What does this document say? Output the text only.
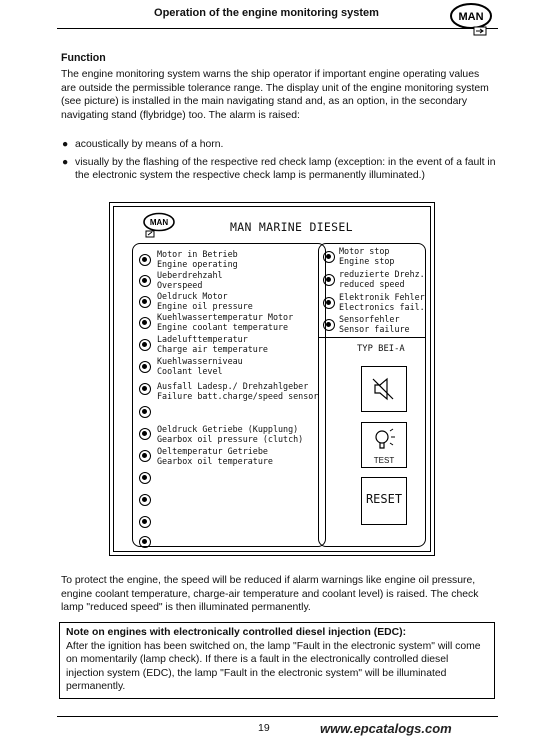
Operation of the engine monitoring system	MAN
Function
The engine monitoring system warns the ship operator if important engine operating values are outside the permissible tolerance range. The display unit of the engine monitoring system (see picture) is installed in the main navigating stand and, as an option, in the secondary navigating stand (flybridge) too. The alarm is raised:
● acoustically by means of a horn.
● visually by the flashing of the respective red check lamp (exception: in the event of a fault in the electronic system the respective check lamp is permanently illuminated.)
MAN	MAN MARINE DIESEL
Motor in Betrieb
Engine operating
Ueberdrehzahl
Overspeed
Oeldruck Motor
Engine oil pressure
Kuehlwassertemperatur Motor
Engine coolant temperature
Ladelufttemperatur
Charge air temperature
Kuehlwasserniveau
Coolant level
Ausfall Ladesp./ Drehzahlgeber
Failure batt.charge/speed sensor
Oeldruck Getriebe (Kupplung)
Gearbox oil pressure (clutch)
Oeltemperatur Getriebe
Gearbox oil temperature
Motor stop
Engine stop
reduzierte Drehz.
reduced speed
Elektronik Fehler
Electronics fail.
Sensorfehler
Sensor failure
TYP BEI-A
TEST
RESET
To protect the engine, the speed will be reduced if alarm warnings like engine oil pressure, engine coolant temperature, charge-air temperature and coolant level) is raised. The check lamp "reduced speed" is then illuminated permanently.
Note on engines with electronically controlled diesel injection (EDC):
After the ignition has been switched on, the lamp "Fault in the electronic system" will come on momentarily (lamp check). If there is a fault in the electronically controlled diesel injection system (EDC), the lamp "Fault in the electronic system" will be illuminated permanently.
19	www.epcatalogs.com
